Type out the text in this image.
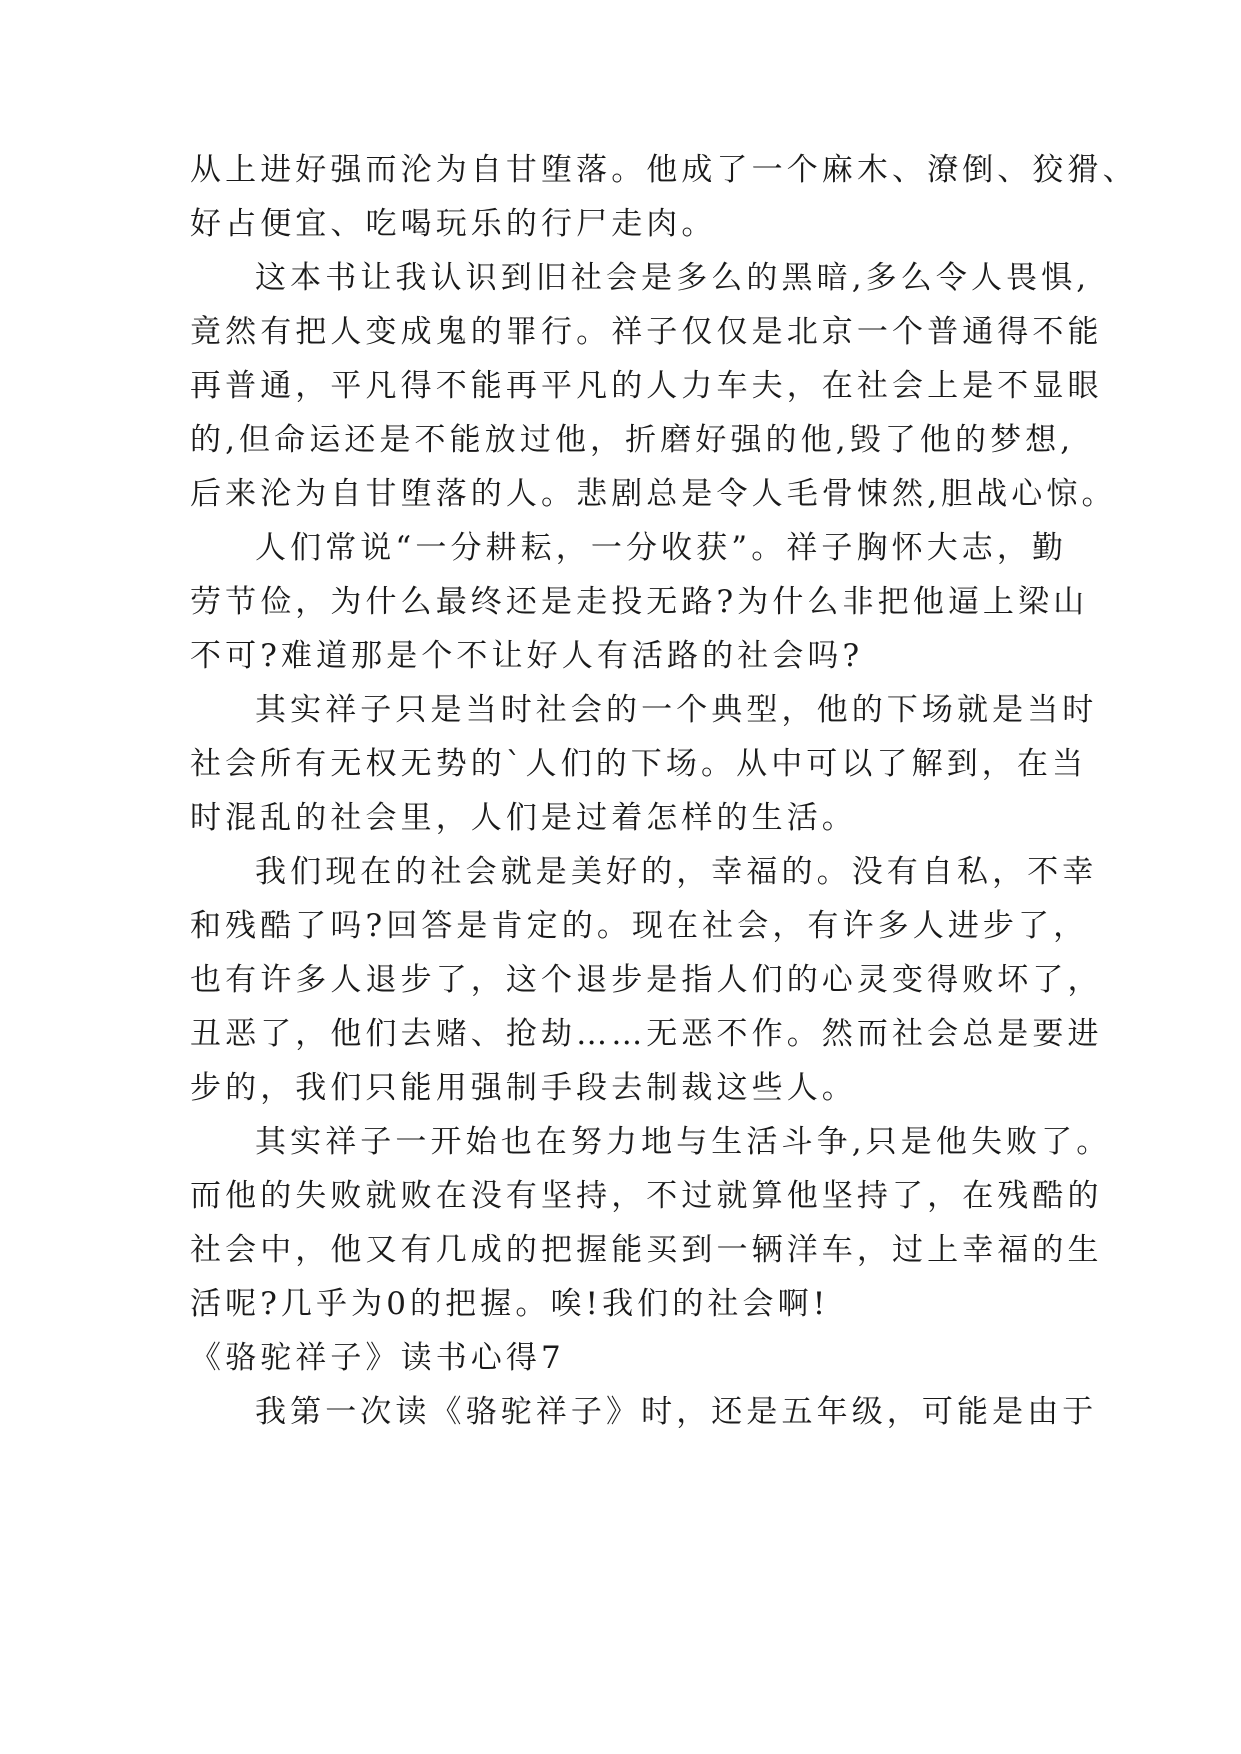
从上进好强而沦为自甘堕落。他成了一个麻木、潦倒、狡猾、
好占便宜、吃喝玩乐的行尸走肉。
这本书让我认识到旧社会是多么的黑暗,多么令人畏惧,
竟然有把人变成鬼的罪行。祥子仅仅是北京一个普通得不能
再普通，平凡得不能再平凡的人力车夫，在社会上是不显眼
的,但命运还是不能放过他，折磨好强的他,毁了他的梦想,
后来沦为自甘堕落的人。悲剧总是令人毛骨悚然,胆战心惊。
人们常说“一分耕耘，一分收获”。祥子胸怀大志，勤
劳节俭，为什么最终还是走投无路?为什么非把他逼上梁山
不可?难道那是个不让好人有活路的社会吗?
其实祥子只是当时社会的一个典型，他的下场就是当时
社会所有无权无势的`人们的下场。从中可以了解到，在当
时混乱的社会里，人们是过着怎样的生活。
我们现在的社会就是美好的，幸福的。没有自私，不幸
和残酷了吗?回答是肯定的。现在社会，有许多人进步了，
也有许多人退步了，这个退步是指人们的心灵变得败坏了，
丑恶了，他们去赌、抢劫……无恶不作。然而社会总是要进
步的，我们只能用强制手段去制裁这些人。
其实祥子一开始也在努力地与生活斗争,只是他失败了。
而他的失败就败在没有坚持，不过就算他坚持了，在残酷的
社会中，他又有几成的把握能买到一辆洋车，过上幸福的生
活呢?几乎为0的把握。唉!我们的社会啊!
《骆驼祥子》读书心得7
我第一次读《骆驼祥子》时，还是五年级，可能是由于
